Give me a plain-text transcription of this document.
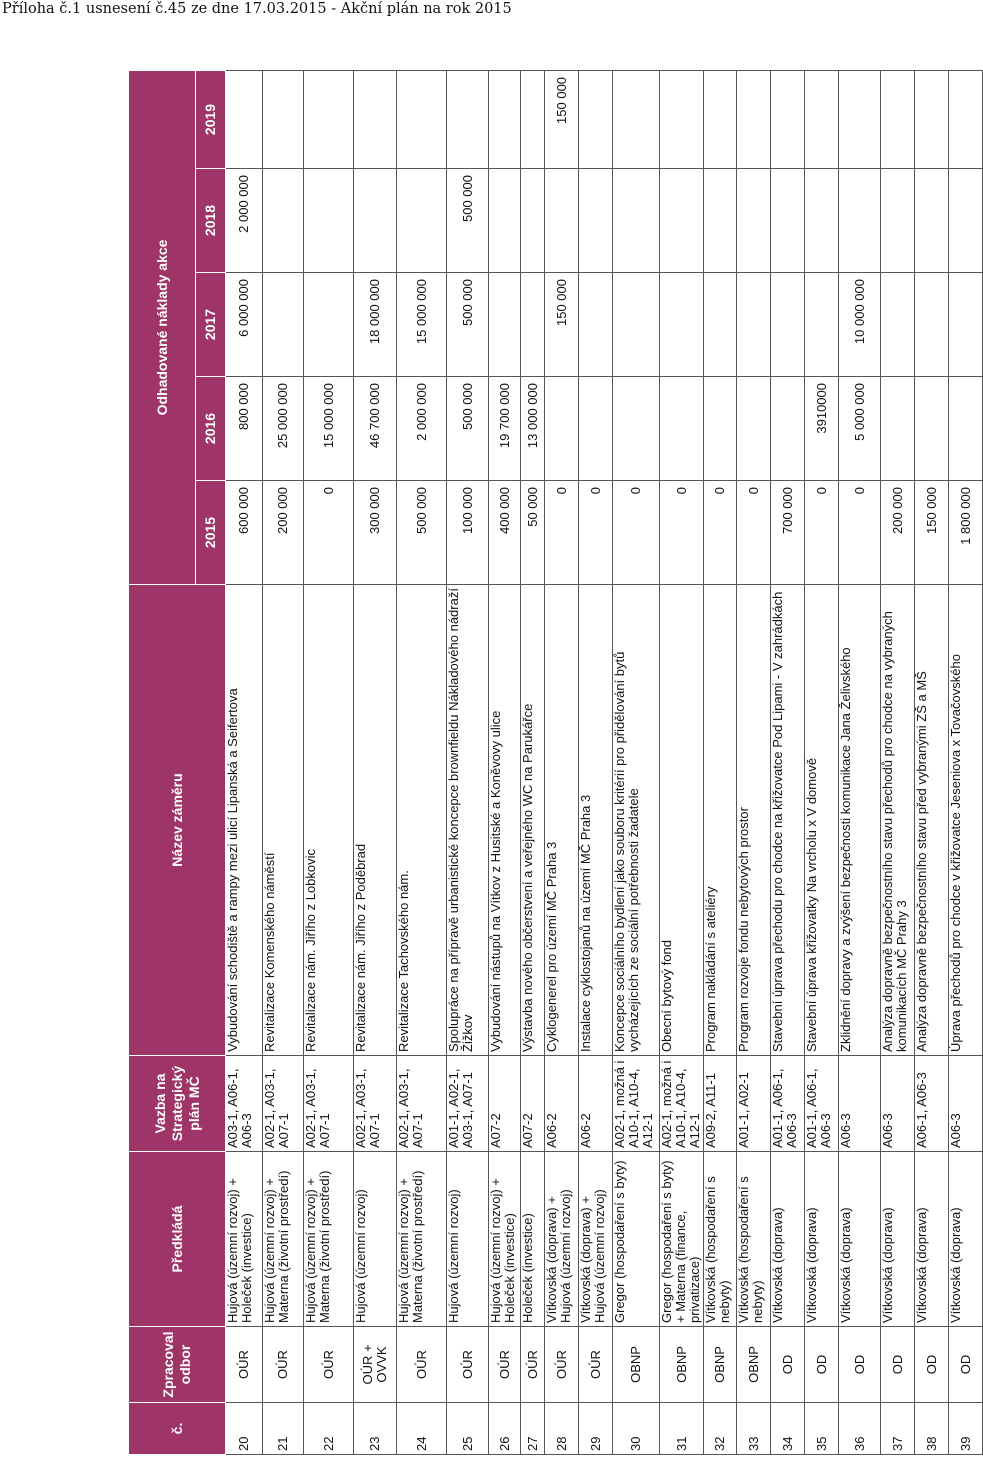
Příloha č.1 usnesení č.45 ze dne 17.03.2015 - Akční plán na rok 2015
č.	Zpracoval odbor	Předkládá	Vazba na Strategický plán MČ	Název záměru	Odhadované náklady akce				
					2015	2016	2017	2018	2019
20	OÚR	Hujová (územní rozvoj) + Holeček (investice)	A03-1, A06-1, A06-3	Vybudování schodiště a rampy mezi ulicí Lipanská a Seifertova	600 000	800 000	6 000 000	2 000 000	
21	OÚR	Hujová (územní rozvoj) + Materna (životní prostředí)	A02-1, A03-1, A07-1	Revitalizace Komenského náměstí	200 000	25 000 000			
22	OÚR	Hujová (územní rozvoj) + Materna (životní prostředí)	A02-1, A03-1, A07-1	Revitalizace nám. Jiřího z Lobkovic	0	15 000 000			
23	OÚR + OVVK	Hujová (územní rozvoj)	A02-1, A03-1, A07-1	Revitalizace nám. Jiřího z Poděbrad	300 000	46 700 000	18 000 000		
24	OÚR	Hujová (územní rozvoj) + Materna (životní prostředí)	A02-1, A03-1, A07-1	Revitalizace Tachovského nám.	500 000	2 000 000	15 000 000		
25	OÚR	Hujová (územní rozvoj)	A01-1, A02-1, A03-1, A07-1	Spolupráce na přípravě urbanistické koncepce brownfieldu Nákladového nádraží Žižkov	100 000	500 000	500 000	500 000	
26	OÚR	Hujová (územní rozvoj) + Holeček (investice)	A07-2	Vybudování nástupů na Vítkov z Husitské a Koněvovy ulice	400 000	19 700 000			
27	OÚR	Holeček (investice)	A07-2	Výstavba nového občerstvení a veřejného WC na Parukářce	50 000	13 000 000			
28	OÚR	Vítkovská (doprava) + Hujová (územní rozvoj)	A06-2	Cyklogenerel pro území MČ Praha 3	0		150 000		150 000
29	OÚR	Vítkovská (doprava) + Hujová (územní rozvoj)	A06-2	Instalace cyklostojanů na území MČ Praha 3	0				
30	OBNP	Gregor (hospodaření s byty)	A02-1, možná i A10-1, A10-4, A12-1	Koncepce sociálního bydlení jako souboru kritérií pro přidělování bytů vycházejících ze sociální potřebnosti žadatele	0				
31	OBNP	Gregor (hospodaření s byty) + Materna (finance, privatizace)	A02-1, možná i A10-1, A10-4, A12-1	Obecní bytový fond	0				
32	OBNP	Vítkovská (hospodaření s nebyty)	A09-2, A11-1	Program nakládání s ateliéry	0				
33	OBNP	Vítkovská (hospodaření s nebyty)	A01-1, A02-1	Program rozvoje fondu nebytových prostor	0				
34	OD	Vítkovská (doprava)	A01-1, A06-1, A06-3	Stavební úprava přechodu pro chodce na křižovatce Pod Lipami - V zahrádkách	700 000				
35	OD	Vítkovská (doprava)	A01-1, A06-1, A06-3	Stavební úprava křižovatky Na vrcholu x V domově	0	3910000			
36	OD	Vítkovská (doprava)	A06-3	Zklidnění dopravy a zvýšení bezpečnosti komunikace Jana Želivského	0	5 000 000	10 000 000		
37	OD	Vítkovská (doprava)	A06-3	Analýza dopravně bezpečnostního stavu přechodů pro chodce na vybraných komunikacích MČ Prahy 3	200 000				
38	OD	Vítkovská (doprava)	A06-1, A06-3	Analýza dopravně bezpečnostního stavu před vybranými ZŠ a MŠ	150 000				
39	OD	Vítkovská (doprava)	A06-3	Úprava přechodů pro chodce v křižovatce Jeseniova x Tovačovského	1 800 000				
